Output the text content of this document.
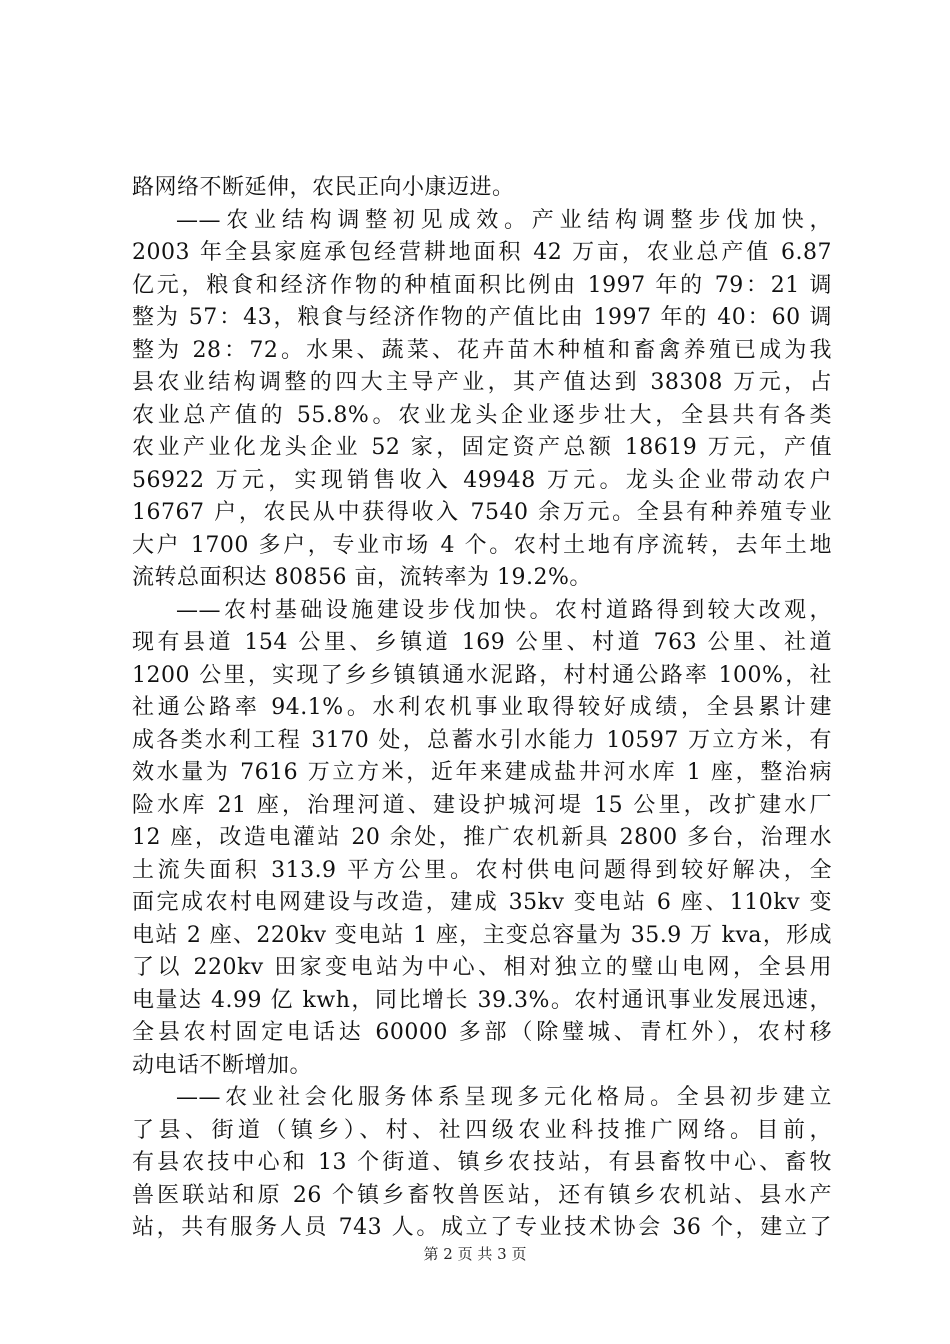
路网络不断延伸，农民正向小康迈进。
——农业结构调整初见成效。产业结构调整步伐加快，
2003 年全县家庭承包经营耕地面积 42 万亩，农业总产值 6.87
亿元，粮食和经济作物的种植面积比例由 1997 年的 79：21 调
整为 57：43，粮食与经济作物的产值比由 1997 年的 40：60 调
整为 28：72。水果、蔬菜、花卉苗木种植和畜禽养殖已成为我
县农业结构调整的四大主导产业，其产值达到 38308 万元，占
农业总产值的 55.8%。农业龙头企业逐步壮大，全县共有各类
农业产业化龙头企业 52 家，固定资产总额 18619 万元，产值
56922 万元，实现销售收入 49948 万元。龙头企业带动农户
16767 户，农民从中获得收入 7540 余万元。全县有种养殖专业
大户 1700 多户，专业市场 4 个。农村土地有序流转，去年土地
流转总面积达 80856 亩，流转率为 19.2%。
——农村基础设施建设步伐加快。农村道路得到较大改观，
现有县道 154 公里、乡镇道 169 公里、村道 763 公里、社道
1200 公里，实现了乡乡镇镇通水泥路，村村通公路率 100%，社
社通公路率 94.1%。水利农机事业取得较好成绩，全县累计建
成各类水利工程 3170 处，总蓄水引水能力 10597 万立方米，有
效水量为 7616 万立方米，近年来建成盐井河水库 1 座，整治病
险水库 21 座，治理河道、建设护城河堤 15 公里，改扩建水厂
12 座，改造电灌站 20 余处，推广农机新具 2800 多台，治理水
土流失面积 313.9 平方公里。农村供电问题得到较好解决，全
面完成农村电网建设与改造，建成 35kv 变电站 6 座、110kv 变
电站 2 座、220kv 变电站 1 座，主变总容量为 35.9 万 kva，形成
了以 220kv 田家变电站为中心、相对独立的璧山电网，全县用
电量达 4.99 亿 kwh，同比增长 39.3%。农村通讯事业发展迅速，
全县农村固定电话达 60000 多部（除璧城、青杠外），农村移
动电话不断增加。
——农业社会化服务体系呈现多元化格局。全县初步建立
了县、街道（镇乡）、村、社四级农业科技推广网络。目前，
有县农技中心和 13 个街道、镇乡农技站，有县畜牧中心、畜牧
兽医联站和原 26 个镇乡畜牧兽医站，还有镇乡农机站、县水产
站，共有服务人员 743 人。成立了专业技术协会 36 个，建立了
第 2 页 共 3 页
